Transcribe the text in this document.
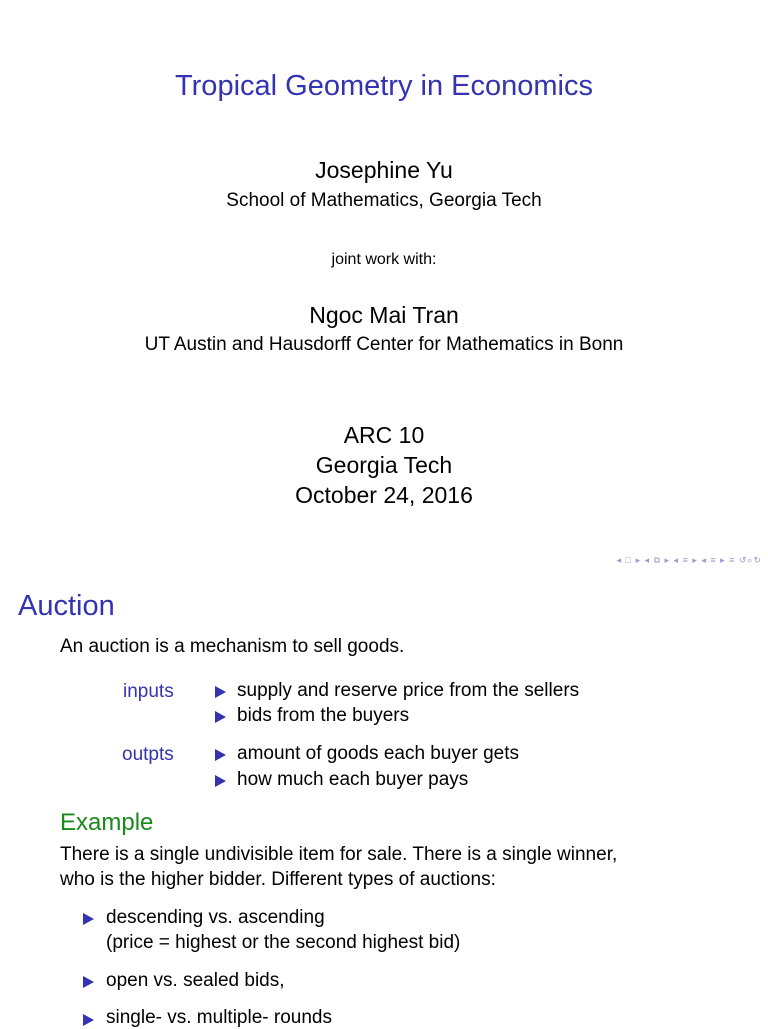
Tropical Geometry in Economics
Josephine Yu
School of Mathematics, Georgia Tech
joint work with:
Ngoc Mai Tran
UT Austin and Hausdorff Center for Mathematics in Bonn
ARC 10
Georgia Tech
October 24, 2016
◂ □ ▸ ◂ ⧉ ▸ ◂ ≡ ▸ ◂ ≡ ▸ ≡ ↺⌕↻
Auction
An auction is a mechanism to sell goods.
inputs	supply and reserve price from the sellers
bids from the buyers
outpts	amount of goods each buyer gets
how much each buyer pays
Example
There is a single undivisible item for sale. There is a single winner,
who is the higher bidder. Different types of auctions:
descending vs. ascending
(price = highest or the second highest bid)
open vs. sealed bids,
single- vs. multiple- rounds
